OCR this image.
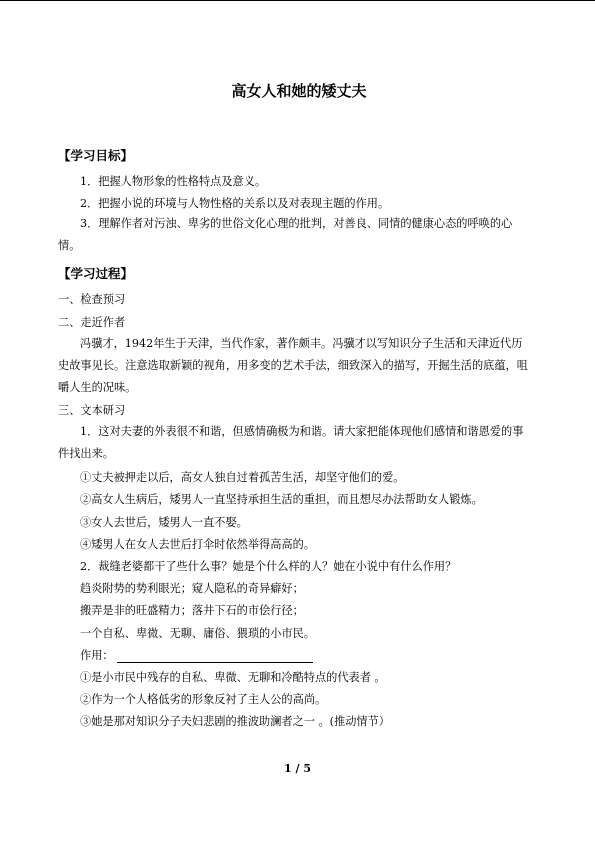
高女人和她的矮丈夫
【学习目标】
1．把握人物形象的性格特点及意义。
2．把握小说的环境与人物性格的关系以及对表现主题的作用。
3．理解作者对污浊、卑劣的世俗文化心理的批判，对善良、同情的健康心态的呼唤的心情。
【学习过程】
一、检查预习
二、走近作者
冯骥才，1942年生于天津，当代作家，著作颇丰。冯骥才以写知识分子生活和天津近代历史故事见长。注意选取新颖的视角，用多变的艺术手法，细致深入的描写，开掘生活的底蕴，咀嚼人生的况味。
三、文本研习
1．这对夫妻的外表很不和谐，但感情确极为和谐。请大家把能体现他们感情和谐恩爱的事件找出来。
①丈夫被押走以后，高女人独自过着孤苦生活，却坚守他们的爱。
②高女人生病后，矮男人一直坚持承担生活的重担，而且想尽办法帮助女人锻炼。
③女人去世后，矮男人一直不娶。
④矮男人在女人去世后打伞时依然举得高高的。
2．裁缝老婆都干了些什么事？她是个什么样的人？她在小说中有什么作用？
趋炎附势的势利眼光；窥人隐私的奇异癖好；
搬弄是非的旺盛精力；落井下石的市侩行径；
一个自私、卑微、无聊、庸俗、猥琐的小市民。
作用：
①是小市民中残存的自私、卑微、无聊和冷酷特点的代表者 。
②作为一个人格低劣的形象反衬了主人公的高尚。
③她是那对知识分子夫妇悲剧的推波助澜者之一 。(推动情节）
1 / 5
